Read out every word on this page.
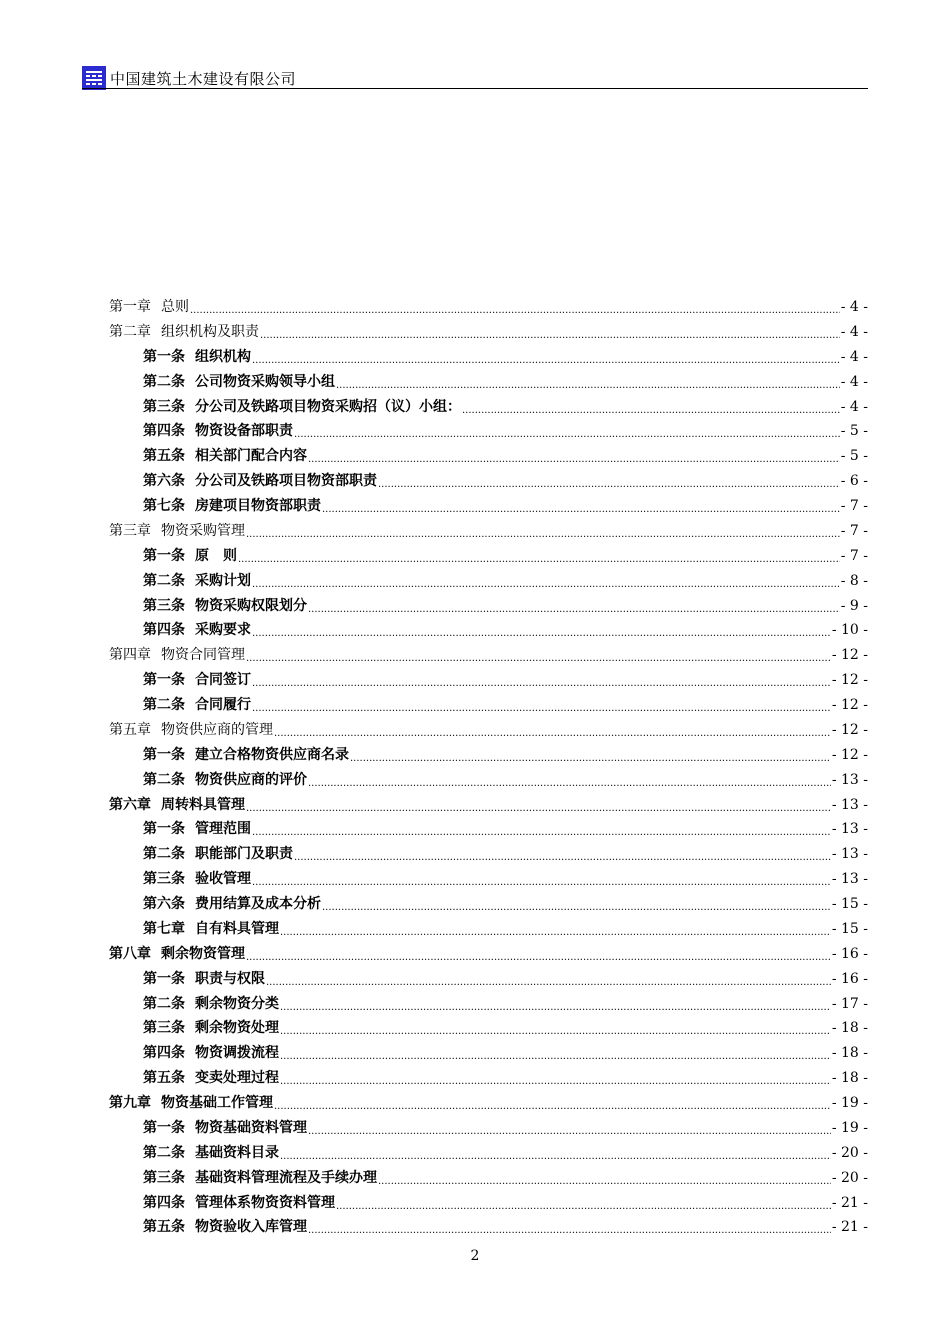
中国建筑土木建设有限公司
第一章 总则 .....	- 4 -
第二章 组织机构及职责 .....	- 4 -
第一条 组织机构 .....	- 4 -
第二条 公司物资采购领导小组 .....	- 4 -
第三条 分公司及铁路项目物资采购招（议）小组： .....	- 4 -
第四条 物资设备部职责 .....	- 5 -
第五条 相关部门配合内容 .....	- 5 -
第六条 分公司及铁路项目物资部职责 .....	- 6 -
第七条 房建项目物资部职责 .....	- 7 -
第三章 物资采购管理 .....	- 7 -
第一条 原　则 .....	- 7 -
第二条 采购计划 .....	- 8 -
第三条 物资采购权限划分 .....	- 9 -
第四条 采购要求 .....	- 10 -
第四章 物资合同管理 .....	- 12 -
第一条 合同签订 .....	- 12 -
第二条 合同履行 .....	- 12 -
第五章 物资供应商的管理 .....	- 12 -
第一条 建立合格物资供应商名录 .....	- 12 -
第二条 物资供应商的评价 .....	- 13 -
第六章 周转料具管理 .....	- 13 -
第一条 管理范围 .....	- 13 -
第二条 职能部门及职责 .....	- 13 -
第三条 验收管理 .....	- 13 -
第六条 费用结算及成本分析 .....	- 15 -
第七章 自有料具管理 .....	- 15 -
第八章 剩余物资管理 .....	- 16 -
第一条 职责与权限 .....	- 16 -
第二条 剩余物资分类 .....	- 17 -
第三条 剩余物资处理 .....	- 18 -
第四条 物资调拨流程 .....	- 18 -
第五条 变卖处理过程 .....	- 18 -
第九章 物资基础工作管理 .....	- 19 -
第一条 物资基础资料管理 .....	- 19 -
第二条 基础资料目录 .....	- 20 -
第三条 基础资料管理流程及手续办理 .....	- 20 -
第四条 管理体系物资资料管理 .....	- 21 -
第五条 物资验收入库管理 .....	- 21 -
2
